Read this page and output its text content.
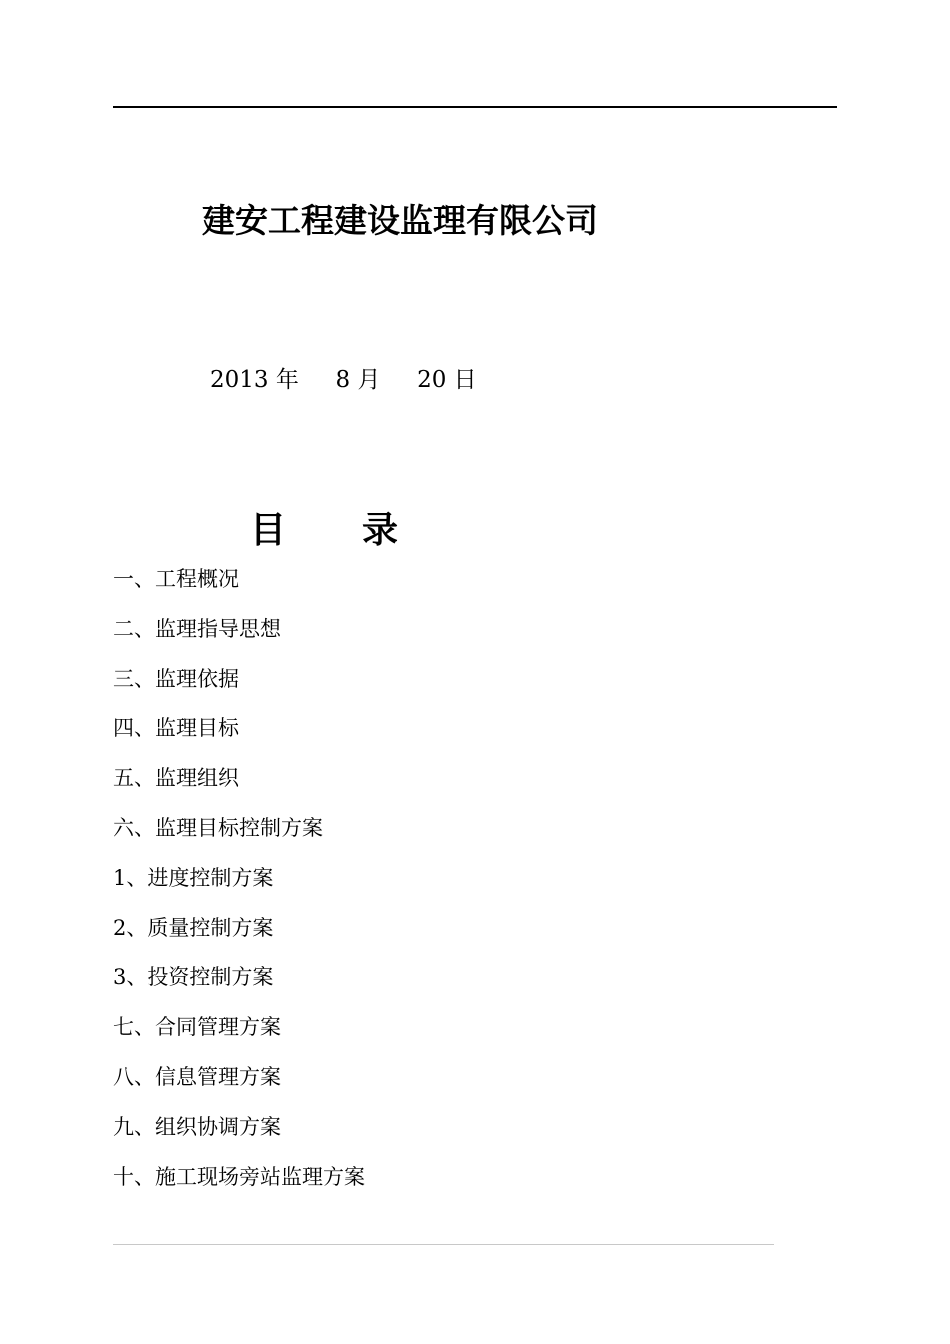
建安工程建设监理有限公司
2013 年 8 月 20 日
目 录
一、工程概况
二、监理指导思想
三、监理依据
四、监理目标
五、监理组织
六、监理目标控制方案
1、进度控制方案
2、质量控制方案
3、投资控制方案
七、合同管理方案
八、信息管理方案
九、组织协调方案
十、施工现场旁站监理方案
